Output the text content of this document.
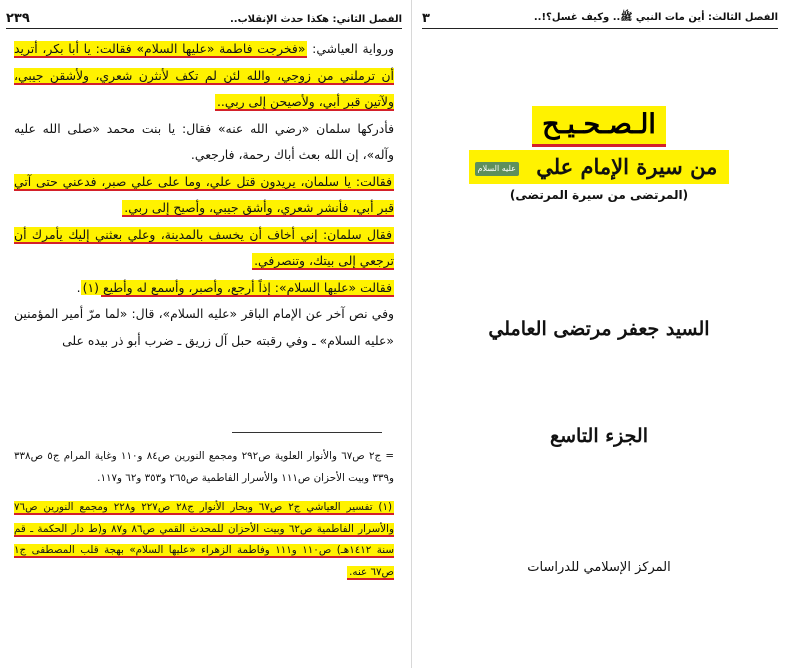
الفصل الثاني: هكذا حدث الإنقلاب..
٢٣٩

ورواية العياشي: «فخرجت فاطمة «عليها السلام» فقالت: يا أبا بكر، أتريد أن ترملني من زوجي، والله لئن لم تكف لأنثرن شعري، ولأشقن جيبي، ولآتين قبر أبي، ولأصيحن إلى ربي..

فأدركها سلمان «رضي الله عنه» فقال: يا بنت محمد «صلى الله عليه وآله»، إن الله بعث أباك رحمة، فارجعي.

فقالت: يا سلمان، يريدون قتل علي، وما على علي صبر، فدعني حتى آتي قبر أبي، فأنشر شعري، وأشق جيبي، وأصيح إلى ربي.

فقال سلمان: إني أخاف أن يخسف بالمدينة، وعلي بعثني إليك يأمرك أن ترجعي إلى بيتك، وتنصرفي.

فقالت «عليها السلام»: إذاً أرجع، وأصبر، وأسمع له وأطيع(١).

وفي نص آخر عن الإمام الباقر «عليه السلام»، قال: «لما مرّ أمير المؤمنين «عليه السلام» ـ وفي رقبته حبل آل زريق ـ ضرب أبو ذر بيده على

= ج٢ ص٦٧ والأنوار العلوية ص٢٩٢ ومجمع النورين ص٨٤ و١١٠ وغاية المرام ج٥ ص٣٣٨ و٣٣٩ وبيت الأحزان ص١١١ والأسرار الفاطمية ص٢٦٥ و٣٥٣ و٦٢ و١١٧.

(١) تفسير العياشي ج٢ ص٦٧ وبحار الأنوار ج٢٨ ص٢٢٧ و٢٢٨ ومجمع النورين ص٧٦ والأسرار الفاطمية ص٦٢ وبيت الأحزان للمحدث القمي ص٨٦ و٨٧ و(ط دار الحكمة ـ قم سنة ١٤١٢هـ) ص١١٠ و١١١ وفاطمة الزهراء «عليها السلام» بهجة قلب المصطفى ج١ ص٦٧ عنه.

الفصل الثالث: أين مات النبي ﷺ.. وكيف غسل؟!..
٣
الـصـحـيـح
من سيرة الإمام علي عليه السلام
(المرتضى من سيرة المرتضى)
السيد جعفر مرتضى العاملي
الجزء التاسع
المركز الإسلامي للدراسات
